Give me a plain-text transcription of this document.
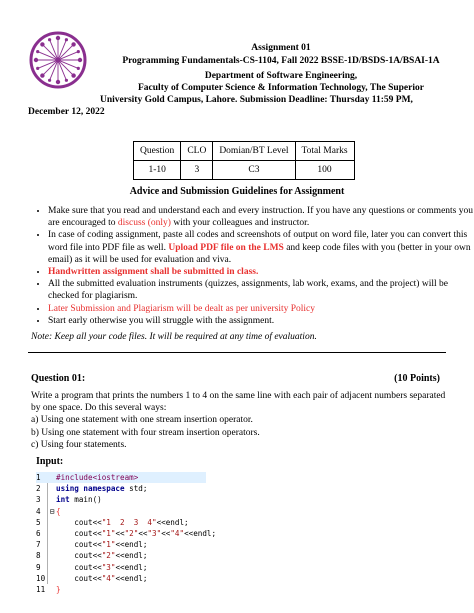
Assignment 01
Programming Fundamentals-CS-1104, Fall 2022 BSSE-1D/BSDS-1A/BSAI-1A
Department of Software Engineering,
Faculty of Computer Science & Information Technology, The Superior
University Gold Campus, Lahore. Submission Deadline: Thursday 11:59 PM,
December 12, 2022
Question	CLO	Domian/BT Level	Total Marks
1-10	3	C3	100
Advice and Submission Guidelines for Assignment
• Make sure that you read and understand each and every instruction. If you have any questions or comments you are encouraged to discuss (only) with your colleagues and instructor.
• In case of coding assignment, paste all codes and screenshots of output on word file, later you can convert this word file into PDF file as well. Upload PDF file on the LMS and keep code files with you (better in your own email) as it will be used for evaluation and viva.
• Handwritten assignment shall be submitted in class.
• All the submitted evaluation instruments (quizzes, assignments, lab work, exams, and the project) will be checked for plagiarism.
• Later Submission and Plagiarism will be dealt as per university Policy
• Start early otherwise you will struggle with the assignment.
Note: Keep all your code files. It will be required at any time of evaluation.
Question 01:	(10 Points)
Write a program that prints the numbers 1 to 4 on the same line with each pair of adjacent numbers separated by one space. Do this several ways:
a) Using one statement with one stream insertion operator.
b) Using one statement with four stream insertion operators.
c) Using four statements.
Input:
1 #include<iostream>
2 using namespace std;
3 int main()
4 ⊟ {
5    cout<<"1  2  3  4"<<endl;
6    cout<<"1"<<"2"<<"3"<<"4"<<endl;
7    cout<<"1"<<endl;
8    cout<<"2"<<endl;
9    cout<<"3"<<endl;
10    cout<<"4"<<endl;
11 }
